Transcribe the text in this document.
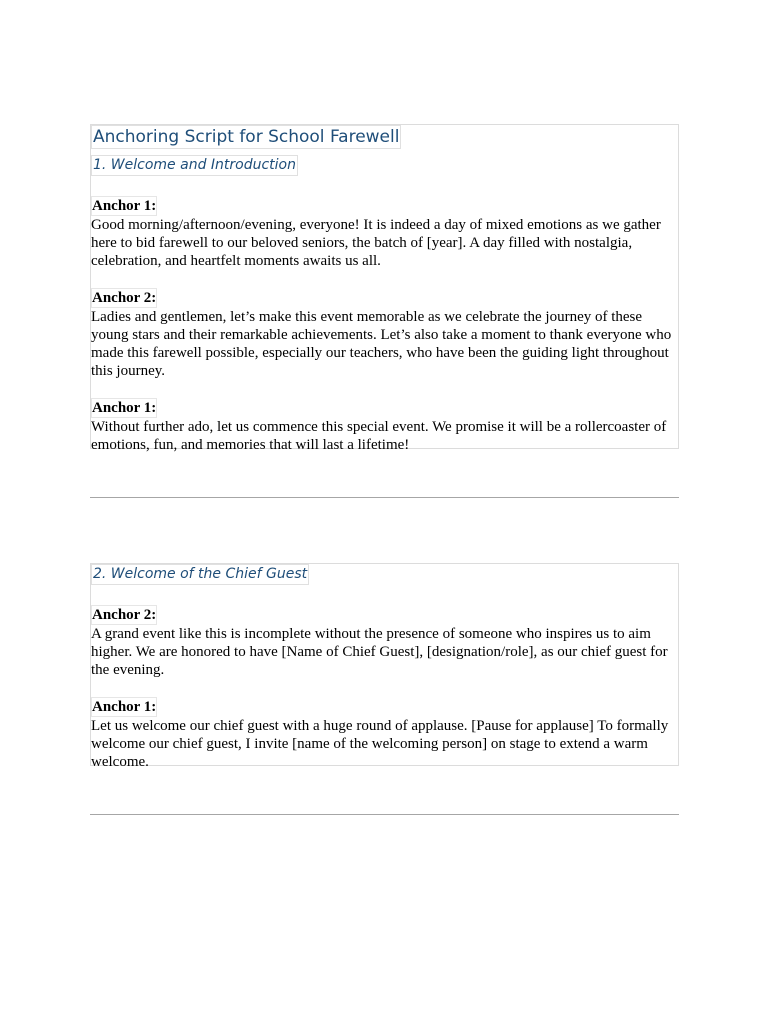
Anchoring Script for School Farewell
1. Welcome and Introduction
Anchor 1:

Good morning/afternoon/evening, everyone! It is indeed a day of mixed emotions as we gather here to bid farewell to our beloved seniors, the batch of [year]. A day filled with nostalgia, celebration, and heartfelt moments awaits us all.

Anchor 2:

Ladies and gentlemen, let’s make this event memorable as we celebrate the journey of these young stars and their remarkable achievements. Let’s also take a moment to thank everyone who made this farewell possible, especially our teachers, who have been the guiding light throughout this journey.

Anchor 1:

Without further ado, let us commence this special event. We promise it will be a rollercoaster of emotions, fun, and memories that will last a lifetime!

2. Welcome of the Chief Guest
Anchor 2:

A grand event like this is incomplete without the presence of someone who inspires us to aim higher. We are honored to have [Name of Chief Guest], [designation/role], as our chief guest for the evening.

Anchor 1:

Let us welcome our chief guest with a huge round of applause. [Pause for applause] To formally welcome our chief guest, I invite [name of the welcoming person] on stage to extend a warm welcome.
